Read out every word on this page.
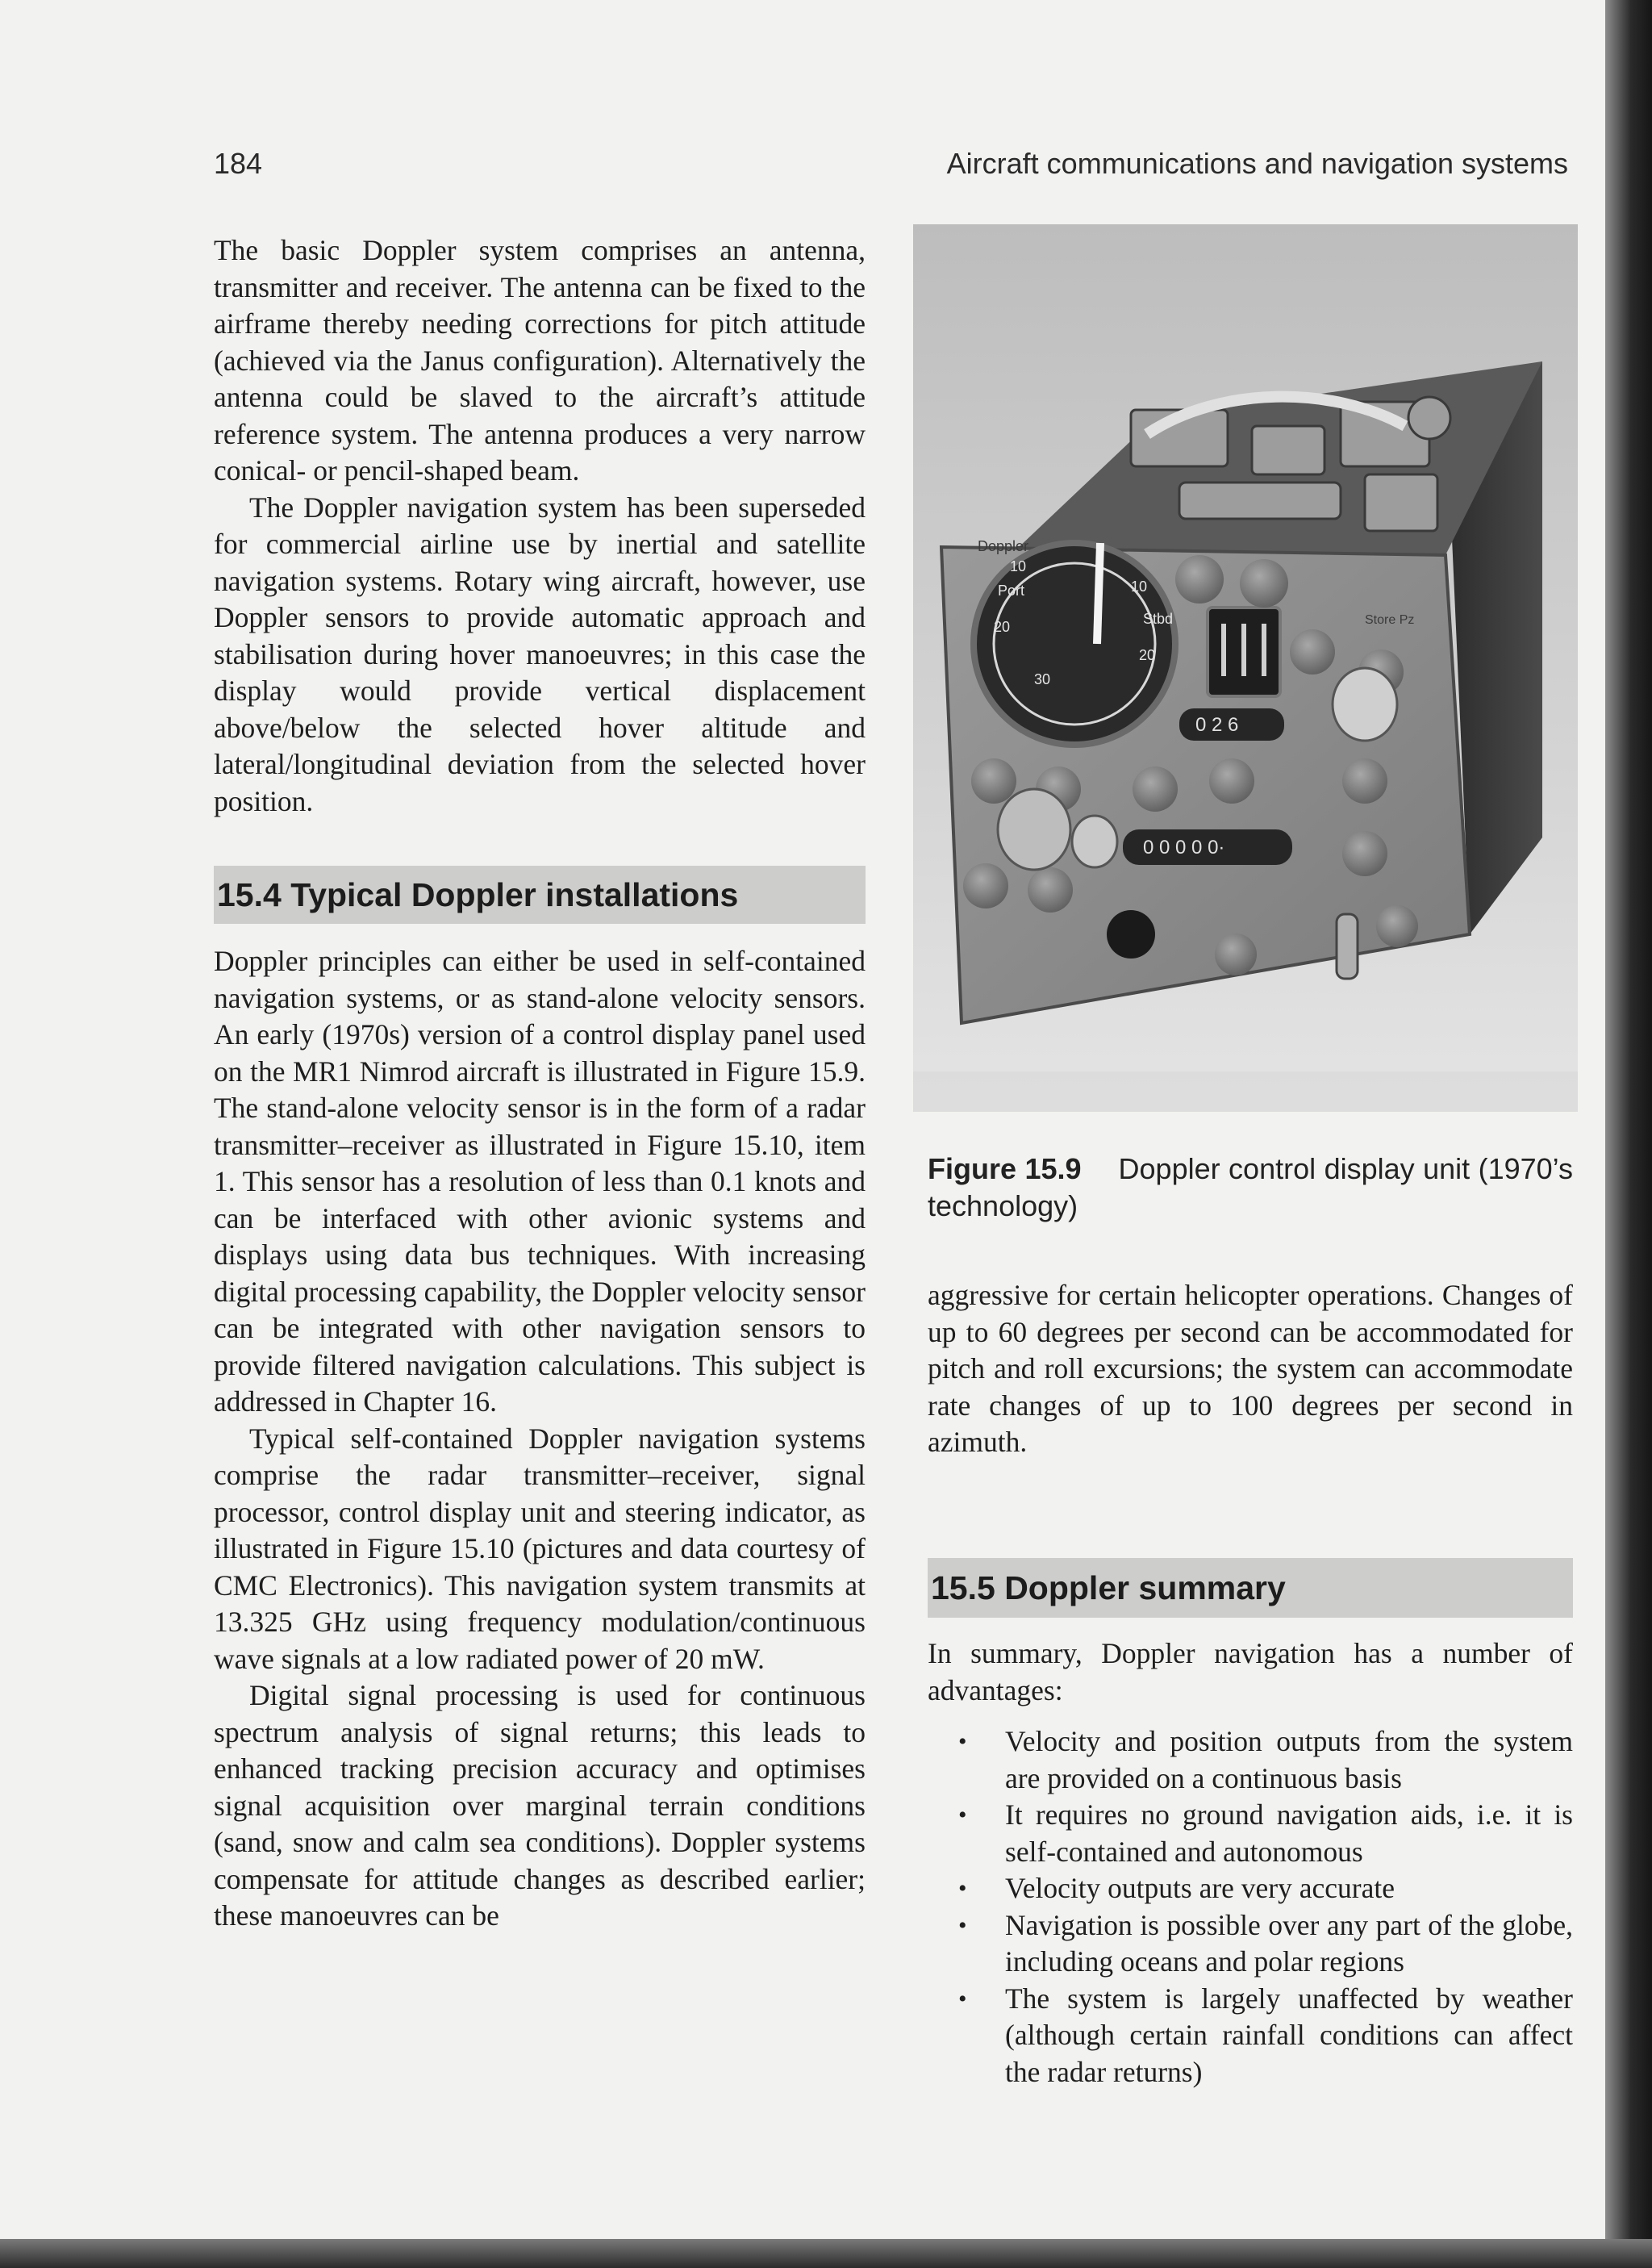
184	Aircraft communications and navigation systems

The basic Doppler system comprises an antenna, transmitter and receiver. The antenna can be fixed to the airframe thereby needing corrections for pitch attitude (achieved via the Janus configuration). Alternatively the antenna could be slaved to the aircraft’s attitude reference system. The antenna produces a very narrow conical- or pencil-shaped beam.

The Doppler navigation system has been superseded for commercial airline use by inertial and satellite navigation systems. Rotary wing aircraft, however, use Doppler sensors to provide automatic approach and stabilisation during hover manoeuvres; in this case the display would provide vertical displacement above/below the selected hover altitude and lateral/longitudinal deviation from the selected hover position.

15.4 Typical Doppler installations

Doppler principles can either be used in self-contained navigation systems, or as stand-alone velocity sensors. An early (1970s) version of a control display panel used on the MR1 Nimrod aircraft is illustrated in Figure 15.9. The stand-alone velocity sensor is in the form of a radar transmitter–receiver as illustrated in Figure 15.10, item 1. This sensor has a resolution of less than 0.1 knots and can be interfaced with other avionic systems and displays using data bus techniques. With increasing digital processing capability, the Doppler velocity sensor can be integrated with other navigation sensors to provide filtered navigation calculations. This subject is addressed in Chapter 16.

Typical self-contained Doppler navigation systems comprise the radar transmitter–receiver, signal processor, control display unit and steering indicator, as illustrated in Figure 15.10 (pictures and data courtesy of CMC Electronics). This navigation system transmits at 13.325 GHz using frequency modulation/continuous wave signals at a low radiated power of 20 mW.

Digital signal processing is used for continuous spectrum analysis of signal returns; this leads to enhanced tracking precision accuracy and optimises signal acquisition over marginal terrain conditions (sand, snow and calm sea conditions). Doppler systems compensate for attitude changes as described earlier; these manoeuvres can be

Port
Stbd
10
20
30
10
20
Doppler
0 2 6
0 0 0 0 0·
Store Pz
Figure 15.9 Doppler control display unit (1970’s technology)

aggressive for certain helicopter operations. Changes of up to 60 degrees per second can be accommodated for pitch and roll excursions; the system can accommodate rate changes of up to 100 degrees per second in azimuth.

15.5 Doppler summary

In summary, Doppler navigation has a number of advantages:

• Velocity and position outputs from the system are provided on a continuous basis
• It requires no ground navigation aids, i.e. it is self-contained and autonomous
• Velocity outputs are very accurate
• Navigation is possible over any part of the globe, including oceans and polar regions
• The system is largely unaffected by weather (although certain rainfall conditions can affect the radar returns)
